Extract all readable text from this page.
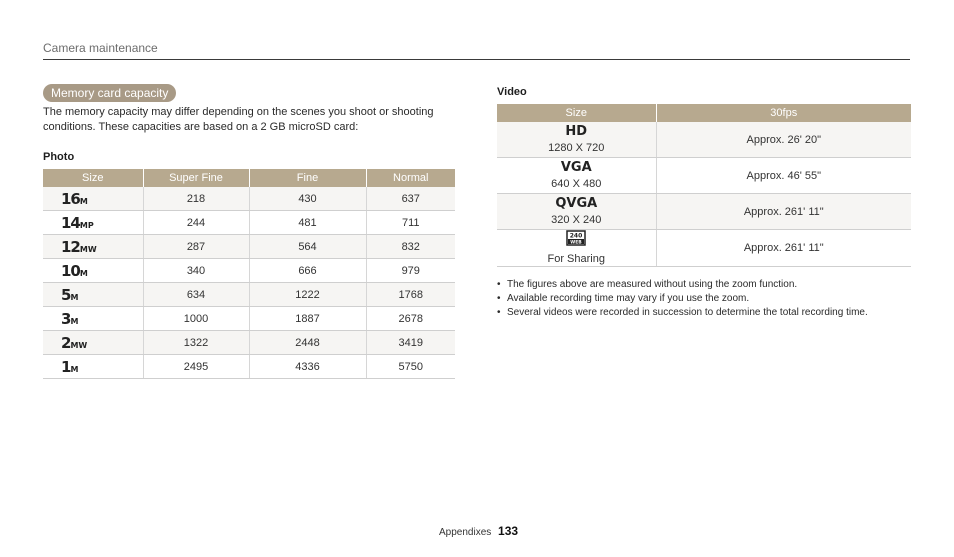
Camera maintenance
Memory card capacity
The memory capacity may differ depending on the scenes you shoot or shooting conditions. These capacities are based on a 2 GB microSD card:
Photo
Size	Super Fine	Fine	Normal
16M	218	430	637
14MP	244	481	711
12MW	287	564	832
10M	340	666	979
5M	634	1222	1768
3M	1000	1887	2678
2MW	1322	2448	3419
1M	2495	4336	5750
Video
Size	30fps

HD
1280 X 720	Approx. 26' 20"

VGA
640 X 480	Approx. 46' 55"

QVGA
320 X 240	Approx. 261' 11"

240
WEB
For Sharing	Approx. 261' 11"
• The figures above are measured without using the zoom function.
• Available recording time may vary if you use the zoom.
• Several videos were recorded in succession to determine the total recording time.
Appendixes 133
